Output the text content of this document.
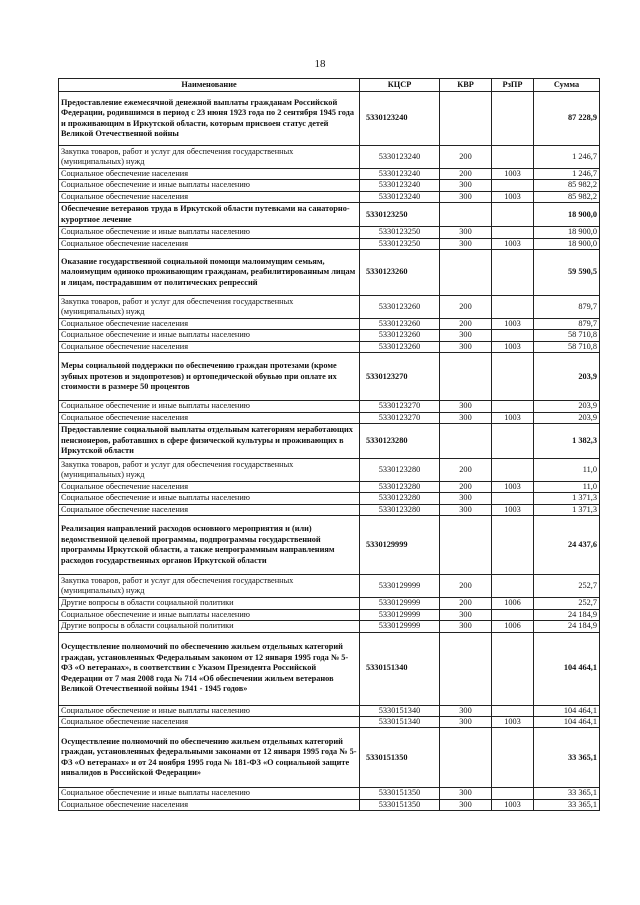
18
Наименование	КЦСР	КВР	РзПР	Сумма
Предоставление ежемесячной денежной выплаты гражданам Российской Федерации, родившимся в период с 23 июня 1923 года по 2 сентября 1945 года и проживающим в Иркутской области, которым присвоен статус детей Великой Отечественной войны	5330123240			87 228,9
Закупка товаров, работ и услуг для обеспечения государственных (муниципальных) нужд	5330123240	200		1 246,7
Социальное обеспечение населения	5330123240	200	1003	1 246,7
Социальное обеспечение и иные выплаты населению	5330123240	300		85 982,2
Социальное обеспечение населения	5330123240	300	1003	85 982,2
Обеспечение ветеранов труда в Иркутской области путевками на санаторно-курортное лечение	5330123250			18 900,0
Социальное обеспечение и иные выплаты населению	5330123250	300		18 900,0
Социальное обеспечение населения	5330123250	300	1003	18 900,0
Оказание государственной социальной помощи малоимущим семьям, малоимущим одиноко проживающим гражданам, реабилитированным лицам и лицам, пострадавшим от политических репрессий	5330123260			59 590,5
Закупка товаров, работ и услуг для обеспечения государственных (муниципальных) нужд	5330123260	200		879,7
Социальное обеспечение населения	5330123260	200	1003	879,7
Социальное обеспечение и иные выплаты населению	5330123260	300		58 710,8
Социальное обеспечение населения	5330123260	300	1003	58 710,8
Меры социальной поддержки по обеспечению граждан протезами (кроме зубных протезов и эндопротезов) и ортопедической обувью при оплате их стоимости в размере 50 процентов	5330123270			203,9
Социальное обеспечение и иные выплаты населению	5330123270	300		203,9
Социальное обеспечение населения	5330123270	300	1003	203,9
Предоставление социальной выплаты отдельным категориям неработающих пенсионеров, работавших в сфере физической культуры и проживающих в Иркутской области	5330123280			1 382,3
Закупка товаров, работ и услуг для обеспечения государственных (муниципальных) нужд	5330123280	200		11,0
Социальное обеспечение населения	5330123280	200	1003	11,0
Социальное обеспечение и иные выплаты населению	5330123280	300		1 371,3
Социальное обеспечение населения	5330123280	300	1003	1 371,3
Реализация направлений расходов основного мероприятия и (или) ведомственной целевой программы, подпрограммы государственной программы Иркутской области, а также непрограммным направлениям расходов государственных органов Иркутской области	5330129999			24 437,6
Закупка товаров, работ и услуг для обеспечения государственных (муниципальных) нужд	5330129999	200		252,7
Другие вопросы в области социальной политики	5330129999	200	1006	252,7
Социальное обеспечение и иные выплаты населению	5330129999	300		24 184,9
Другие вопросы в области социальной политики	5330129999	300	1006	24 184,9
Осуществление полномочий по обеспечению жильем отдельных категорий граждан, установленных Федеральным законом от 12 января 1995 года № 5-ФЗ «О ветеранах», в соответствии с Указом Президента Российской Федерации от 7 мая 2008 года № 714 «Об обеспечении жильем ветеранов Великой Отечественной войны 1941 - 1945 годов»	5330151340			104 464,1
Социальное обеспечение и иные выплаты населению	5330151340	300		104 464,1
Социальное обеспечение населения	5330151340	300	1003	104 464,1
Осуществление полномочий по обеспечению жильем отдельных категорий граждан, установленных федеральными законами от 12 января 1995 года № 5-ФЗ «О ветеранах» и от 24 ноября 1995 года № 181-ФЗ «О социальной защите инвалидов в Российской Федерации»	5330151350			33 365,1
Социальное обеспечение и иные выплаты населению	5330151350	300		33 365,1
Социальное обеспечение населения	5330151350	300	1003	33 365,1
